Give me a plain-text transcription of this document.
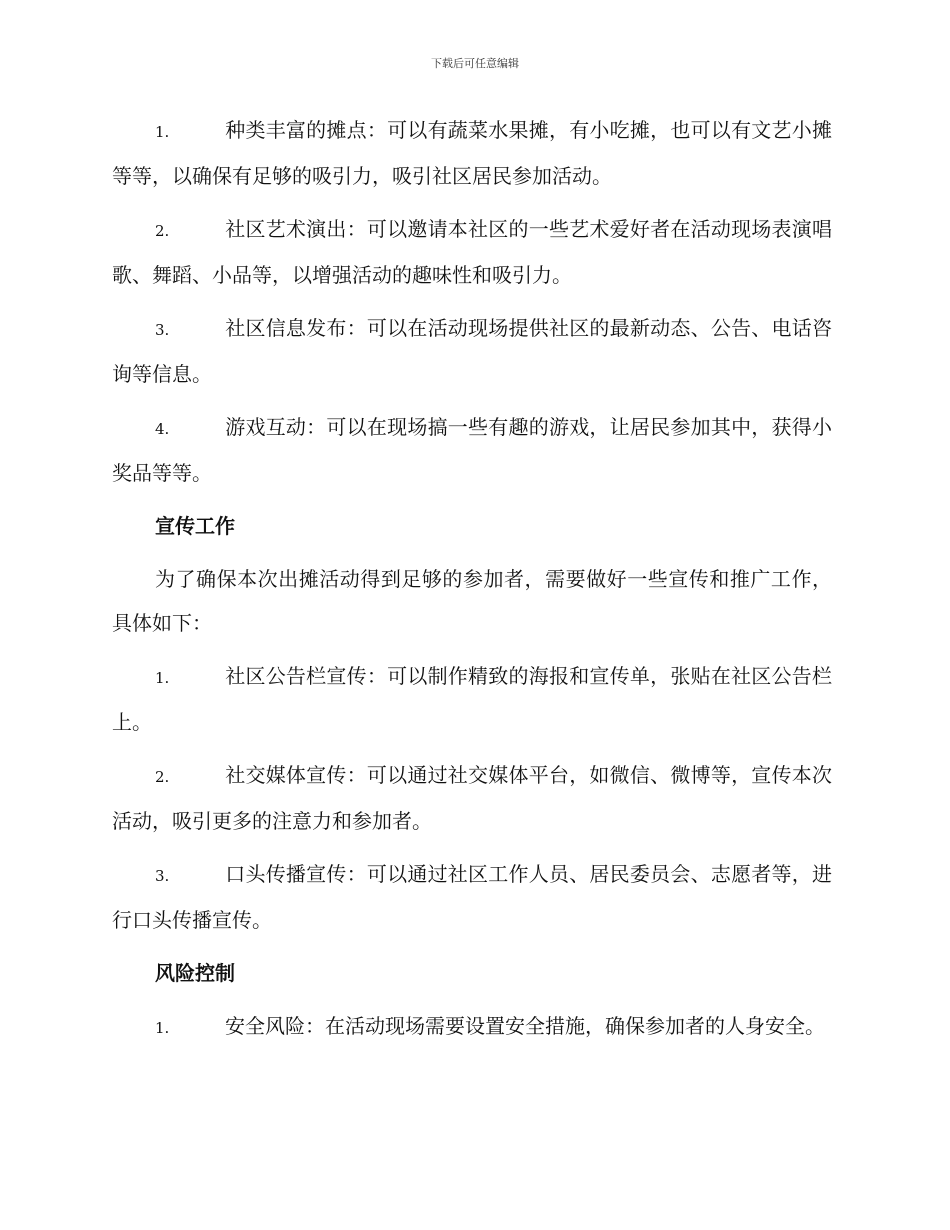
下载后可任意编辑

1.	种类丰富的摊点：可以有蔬菜水果摊，有小吃摊，也可以有文艺小摊等等，以确保有足够的吸引力，吸引社区居民参加活动。

2.	社区艺术演出：可以邀请本社区的一些艺术爱好者在活动现场表演唱歌、舞蹈、小品等，以增强活动的趣味性和吸引力。

3.	社区信息发布：可以在活动现场提供社区的最新动态、公告、电话咨询等信息。

4.	游戏互动：可以在现场搞一些有趣的游戏，让居民参加其中，获得小奖品等等。

宣传工作

为了确保本次出摊活动得到足够的参加者，需要做好一些宣传和推广工作，具体如下：

1.	社区公告栏宣传：可以制作精致的海报和宣传单，张贴在社区公告栏上。

2.	社交媒体宣传：可以通过社交媒体平台，如微信、微博等，宣传本次活动，吸引更多的注意力和参加者。

3.	口头传播宣传：可以通过社区工作人员、居民委员会、志愿者等，进行口头传播宣传。

风险控制

1.	安全风险：在活动现场需要设置安全措施，确保参加者的人身安全。
